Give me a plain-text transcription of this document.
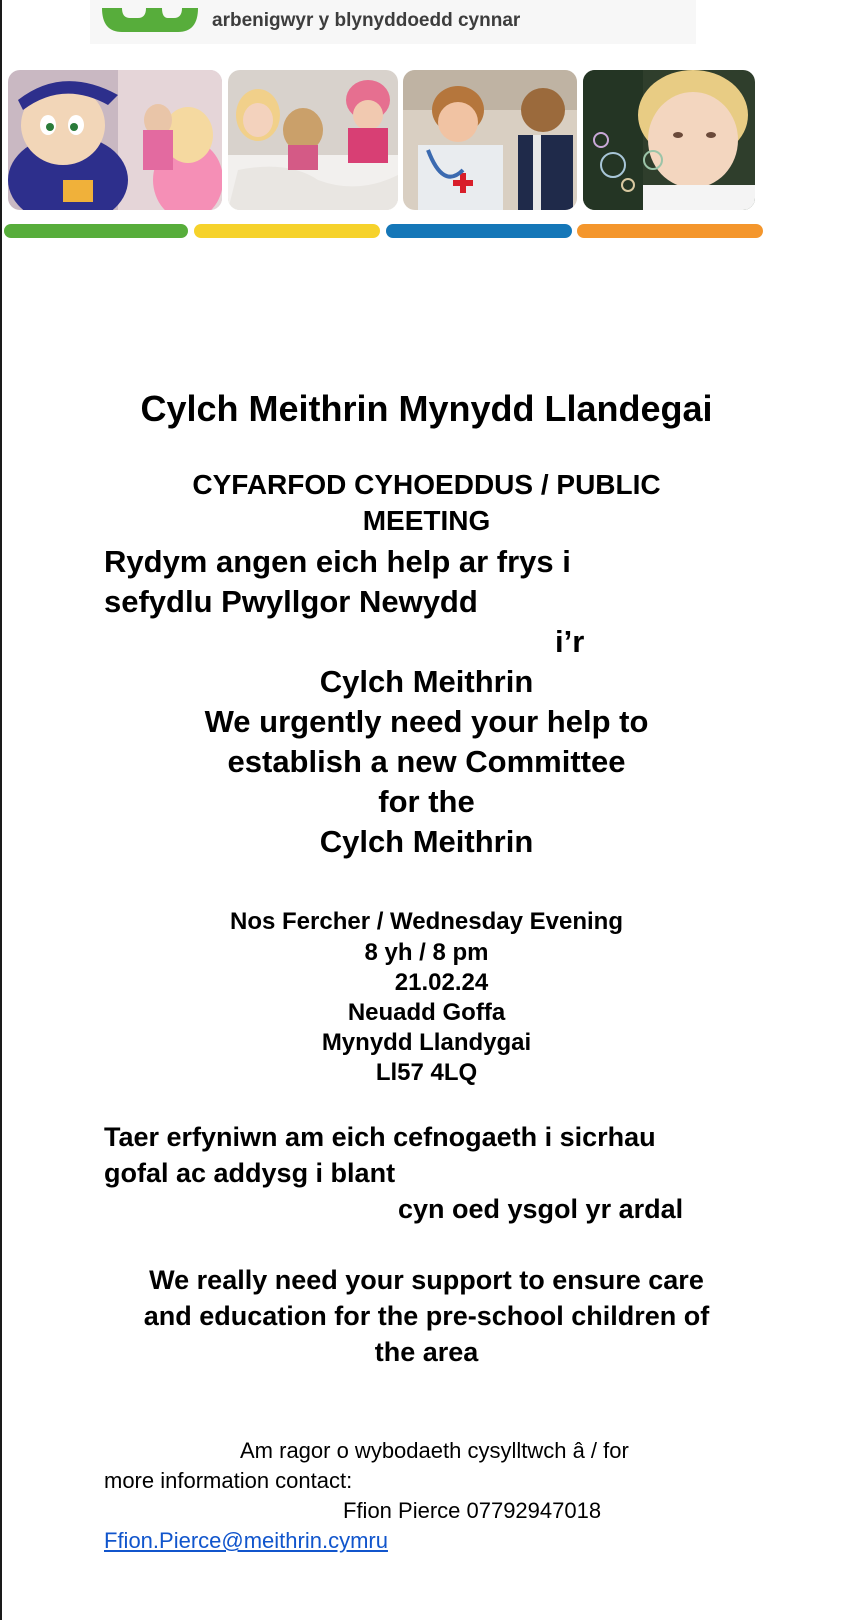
arbenigwyr y blynyddoedd cynnar
Cylch Meithrin Mynydd Llandegai
CYFARFOD CYHOEDDUS / PUBLIC
MEETING
Rydym angen eich help ar frys i
sefydlu Pwyllgor Newydd
i’r
Cylch Meithrin
We urgently need your help to
establish a new Committee
for the
Cylch Meithrin
Nos Fercher / Wednesday Evening
8 yh / 8 pm
21.02.24
Neuadd Goffa
Mynydd Llandygai
Ll57 4LQ
Taer erfyniwn am eich cefnogaeth i sicrhau
gofal ac addysg i blant
cyn oed ysgol yr ardal
We really need your support to ensure care
and education for the pre-school children of
the area
Am ragor o wybodaeth cysylltwch â / for
more information contact:
Ffion Pierce 07792947018
Ffion.Pierce@meithrin.cymru
